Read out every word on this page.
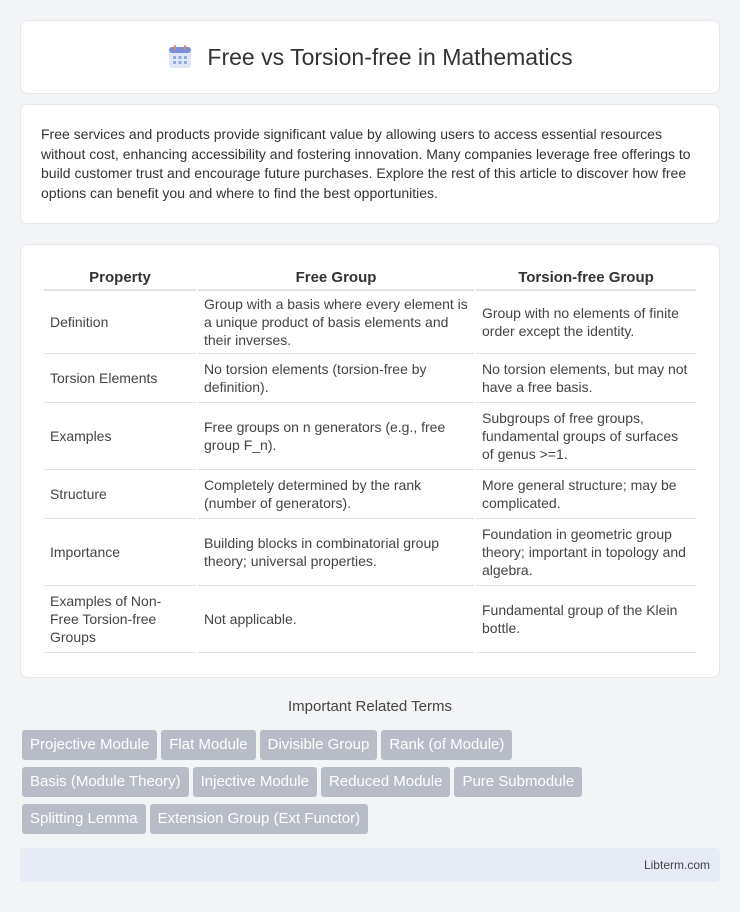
Free vs Torsion-free in Mathematics

Free services and products provide significant value by allowing users to access essential resources without cost, enhancing accessibility and fostering innovation. Many companies leverage free offerings to build customer trust and encourage future purchases. Explore the rest of this article to discover how free options can benefit you and where to find the best opportunities.

Property	Free Group	Torsion-free Group
Definition	Group with a basis where every element is a unique product of basis elements and their inverses.	Group with no elements of finite order except the identity.
Torsion Elements	No torsion elements (torsion-free by definition).	No torsion elements, but may not have a free basis.
Examples	Free groups on n generators (e.g., free group F_n).	Subgroups of free groups, fundamental groups of surfaces of genus >=1.
Structure	Completely determined by the rank (number of generators).	More general structure; may be complicated.
Importance	Building blocks in combinatorial group theory; universal properties.	Foundation in geometric group theory; important in topology and algebra.
Examples of Non-Free Torsion-free Groups	Not applicable.	Fundamental group of the Klein bottle.
Important Related Terms
Projective Module Flat Module Divisible Group Rank (of Module)
Basis (Module Theory) Injective Module Reduced Module Pure Submodule
Splitting Lemma Extension Group (Ext Functor)
Libterm.com
